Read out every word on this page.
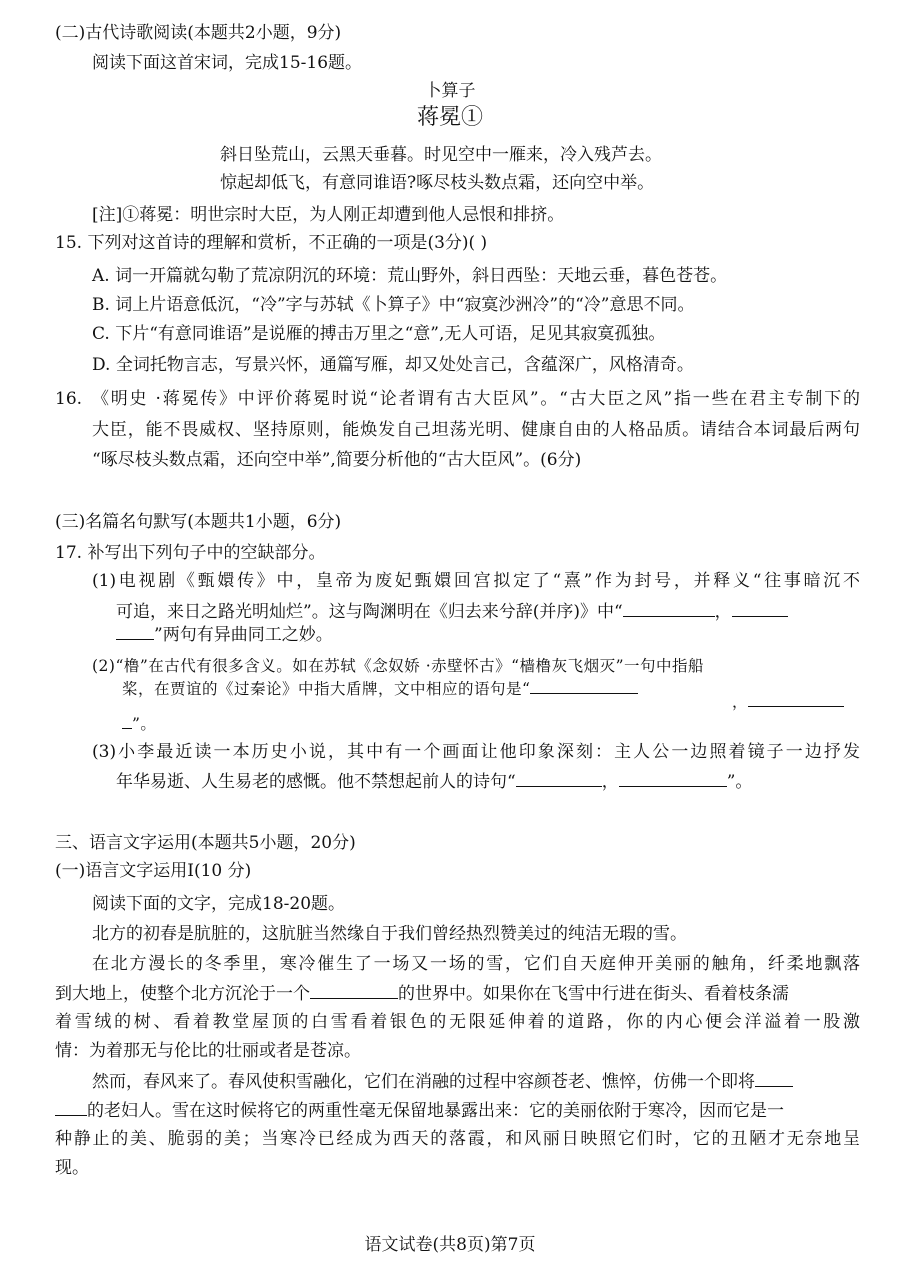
(二)古代诗歌阅读(本题共2小题，9分)
阅读下面这首宋词，完成15-16题。
卜算子
蒋冕①
斜日坠荒山，云黑天垂暮。时见空中一雁来，冷入残芦去。
惊起却低飞，有意同谁语?啄尽枝头数点霜，还向空中举。
[注]①蒋冕：明世宗时大臣，为人刚正却遭到他人忌恨和排挤。
15. 下列对这首诗的理解和赏析，不正确的一项是(3分)( )
A. 词一开篇就勾勒了荒凉阴沉的环境：荒山野外，斜日西坠：天地云垂，暮色苍苍。
B. 词上片语意低沉，“冷”字与苏轼《卜算子》中“寂寞沙洲冷”的“冷”意思不同。
C. 下片“有意同谁语”是说雁的搏击万里之“意”,无人可语，足见其寂寞孤独。
D. 全词托物言志，写景兴怀，通篇写雁，却又处处言己，含蕴深广，风格清奇。
16. 《明史 ·蒋冕传》中评价蒋冕时说“论者谓有古大臣风”。“古大臣之风”指一些在君主专制下的
大臣，能不畏威权、坚持原则，能焕发自己坦荡光明、健康自由的人格品质。请结合本词最后两句
“啄尽枝头数点霜，还向空中举”,简要分析他的“古大臣风”。(6分)
(三)名篇名句默写(本题共1小题，6分)
17. 补写出下列句子中的空缺部分。
(1)电视剧《甄嬛传》中，皇帝为废妃甄嬛回宫拟定了“熹”作为封号，并释义“往事暗沉不
可追，来日之路光明灿烂”。这与陶渊明在《归去来兮辞(并序)》中“	，
”两句有异曲同工之妙。
(2)“橹”在古代有很多含义。如在苏轼《念奴娇 ·赤壁怀古》“樯橹灰飞烟灭”一句中指船
桨，在贾谊的《过秦论》中指大盾牌，文中相应的语句是“
，
”。
(3)小李最近读一本历史小说，其中有一个画面让他印象深刻：主人公一边照着镜子一边抒发
年华易逝、人生易老的感慨。他不禁想起前人的诗句“	，	”。
三、语言文字运用(本题共5小题，20分)
(一)语言文字运用I(10 分)
阅读下面的文字，完成18-20题。
北方的初春是肮脏的，这肮脏当然缘自于我们曾经热烈赞美过的纯洁无瑕的雪。
在北方漫长的冬季里，寒冷催生了一场又一场的雪，它们自天庭伸开美丽的触角，纤柔地飘落
到大地上，使整个北方沉沦于一个	的世界中。如果你在飞雪中行进在街头、看着枝条濡
着雪绒的树、看着教堂屋顶的白雪看着银色的无限延伸着的道路，你的内心便会洋溢着一股激
情：为着那无与伦比的壮丽或者是苍凉。
然而，春风来了。春风使积雪融化，它们在消融的过程中容颜苍老、憔悴，仿佛一个即将
的老妇人。雪在这时候将它的两重性毫无保留地暴露出来：它的美丽依附于寒冷，因而它是一
种静止的美、脆弱的美；当寒冷已经成为西天的落霞，和风丽日映照它们时，它的丑陋才无奈地呈
现。
语文试卷(共8页)第7页
